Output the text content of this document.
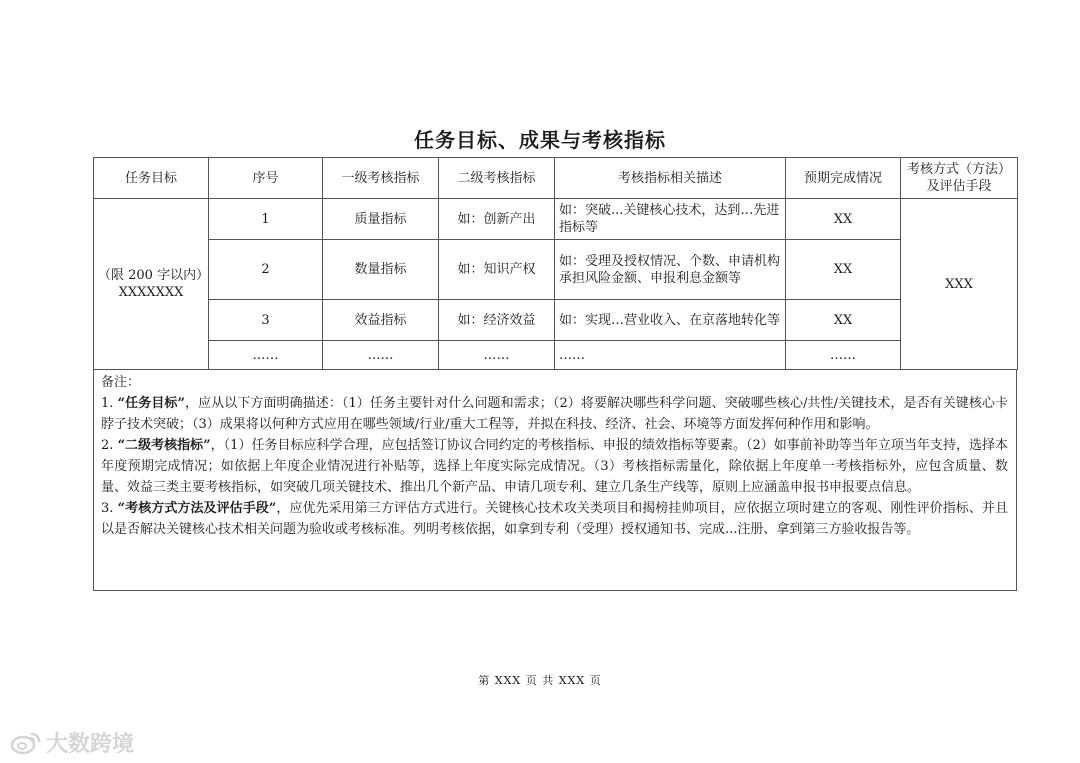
任务目标、成果与考核指标
任务目标	序号	一级考核指标	二级考核指标	考核指标相关描述	预期完成情况	考核方式（方法）及评估手段

（限 200 字以内）
XXXXXXX	1	质量指标	如：创新产出	如：突破...关键核心技术，达到…先进指标等	XX	XXX
	2	数量指标	如：知识产权	如：受理及授权情况、个数、申请机构承担风险金额、申报利息金额等	XX	
	3	效益指标	如：经济效益	如：实现…营业收入、在京落地转化等	XX	
	……	……	……	……	……	

备注：

1. “任务目标”，应从以下方面明确描述：（1）任务主要针对什么问题和需求；（2）将要解决哪些科学问题、突破哪些核心/共性/关键技术，是否有关键核心卡脖子技术突破；（3）成果将以何种方式应用在哪些领域/行业/重大工程等，并拟在科技、经济、社会、环境等方面发挥何种作用和影响。

2. “二级考核指标”，（1）任务目标应科学合理，应包括签订协议合同约定的考核指标、申报的绩效指标等要素。（2）如事前补助等当年立项当年支持，选择本年度预期完成情况；如依据上年度企业情况进行补贴等，选择上年度实际完成情况。（3）考核指标需量化，除依据上年度单一考核指标外，应包含质量、数量、效益三类主要考核指标，如突破几项关键技术、推出几个新产品、申请几项专利、建立几条生产线等，原则上应涵盖申报书申报要点信息。

3. “考核方式方法及评估手段”，应优先采用第三方评估方式进行。关键核心技术攻关类项目和揭榜挂帅项目，应依据立项时建立的客观、刚性评价指标、并且以是否解决关键核心技术相关问题为验收或考核标准。列明考核依据，如拿到专利（受理）授权通知书、完成...注册、拿到第三方验收报告等。

第 XXX 页 共 XXX 页
大数跨境
